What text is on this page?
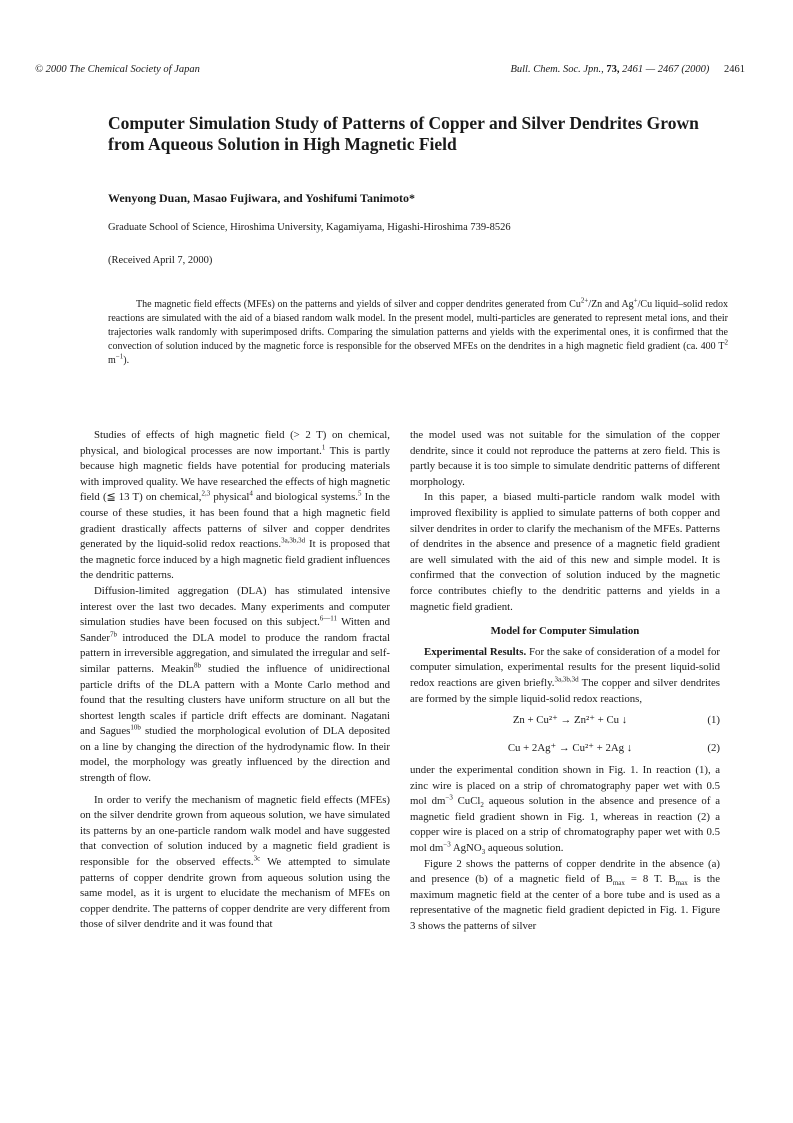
© 2000 The Chemical Society of Japan	Bull. Chem. Soc. Jpn., 73, 2461 — 2467 (2000) 2461
Computer Simulation Study of Patterns of Copper and Silver Dendrites Grown from Aqueous Solution in High Magnetic Field
Wenyong Duan, Masao Fujiwara, and Yoshifumi Tanimoto*
Graduate School of Science, Hiroshima University, Kagamiyama, Higashi-Hiroshima 739-8526
(Received April 7, 2000)

The magnetic field effects (MFEs) on the patterns and yields of silver and copper dendrites generated from $Cu^{2+}/Zn$ and Ag+/Cu liquid–solid redox reactions are simulated with the aid of a biased random walk model. In the present model, multi-particles are generated to represent metal ions, and their trajectories walk randomly with superimposed drifts. Comparing the simulation patterns and yields with the experimental ones, it is confirmed that the convection of solution induced by the magnetic force is responsible for the observed MFEs on the dendrites in a high magnetic field gradient (ca. 400 $T^2$ $m^{-1}$).

Studies of effects of high magnetic field (> 2 T) on chemical, physical, and biological processes are now important.$^1$ This is partly because high magnetic fields have potential for producing materials with improved quality. We have researched the effects of high magnetic field (≦ 13 T) on chemical,$^{2,3}$ physical$^4$ and biological systems.$^5$ In the course of these studies, it has been found that a high magnetic field gradient drastically affects patterns of silver and copper dendrites generated by the liquid-solid redox reactions.$^{3a,3b,3d}$ It is proposed that the magnetic force induced by a high magnetic field gradient influences the dendritic patterns.

Diffusion-limited aggregation (DLA) has stimulated intensive interest over the last two decades. Many experiments and computer simulation studies have been focused on this subject.$^{6—11}$ Witten and Sander$^{7b}$ introduced the DLA model to produce the random fractal pattern in irreversible aggregation, and simulated the irregular and self-similar patterns. Meakin$^{8b}$ studied the influence of unidirectional particle drifts of the DLA pattern with a Monte Carlo method and found that the resulting clusters have uniform structure on all but the shortest length scales if particle drift effects are dominant. Nagatani and Sagues$^{10b}$ studied the morphological evolution of DLA deposited on a line by changing the direction of the hydrodynamic flow. In their model, the morphology was greatly influenced by the direction and strength of flow.

In order to verify the mechanism of magnetic field effects (MFEs) on the silver dendrite grown from aqueous solution, we have simulated its patterns by an one-particle random walk model and have suggested that convection of solution induced by a magnetic field gradient is responsible for the observed effects.$^{3c}$ We attempted to simulate patterns of copper dendrite grown from aqueous solution using the same model, as it is urgent to elucidate the mechanism of MFEs on copper dendrite. The patterns of copper dendrite are very different from those of silver dendrite and it was found that

the model used was not suitable for the simulation of the copper dendrite, since it could not reproduce the patterns at zero field. This is partly because it is too simple to simulate dendritic patterns of different morphology.

In this paper, a biased multi-particle random walk model with improved flexibility is applied to simulate patterns of both copper and silver dendrites in order to clarify the mechanism of the MFEs. Patterns of dendrites in the absence and presence of a magnetic field gradient are well simulated with the aid of this new and simple model. It is confirmed that the convection of solution induced by the magnetic force contributes chiefly to the dendritic patterns and yields in a magnetic field gradient.

Model for Computer Simulation

Experimental Results. For the sake of consideration of a model for computer simulation, experimental results for the present liquid-solid redox reactions are given briefly.$^{3a,3b,3d}$ The copper and silver dendrites are formed by the simple liquid-solid redox reactions,

Zn + Cu²⁺ → Zn²⁺ + Cu ↓	(1)
Cu + 2Ag⁺ → Cu²⁺ + 2Ag ↓	(2)

under the experimental condition shown in Fig. 1. In reaction (1), a zinc wire is placed on a strip of chromatography paper wet with 0.5 mol $dm^{-3}$ CuCl$_2$ aqueous solution in the absence and presence of a magnetic field gradient shown in Fig. 1, whereas in reaction (2) a copper wire is placed on a strip of chromatography paper wet with 0.5 mol $dm^{-3}$ AgNO$_3$ aqueous solution.

Figure 2 shows the patterns of copper dendrite in the absence (a) and presence (b) of a magnetic field of $B_{max} = 8$ T. $B_{max}$ is the maximum magnetic field at the center of a bore tube and is used as a representative of the magnetic field gradient depicted in Fig. 1. Figure 3 shows the patterns of silver
